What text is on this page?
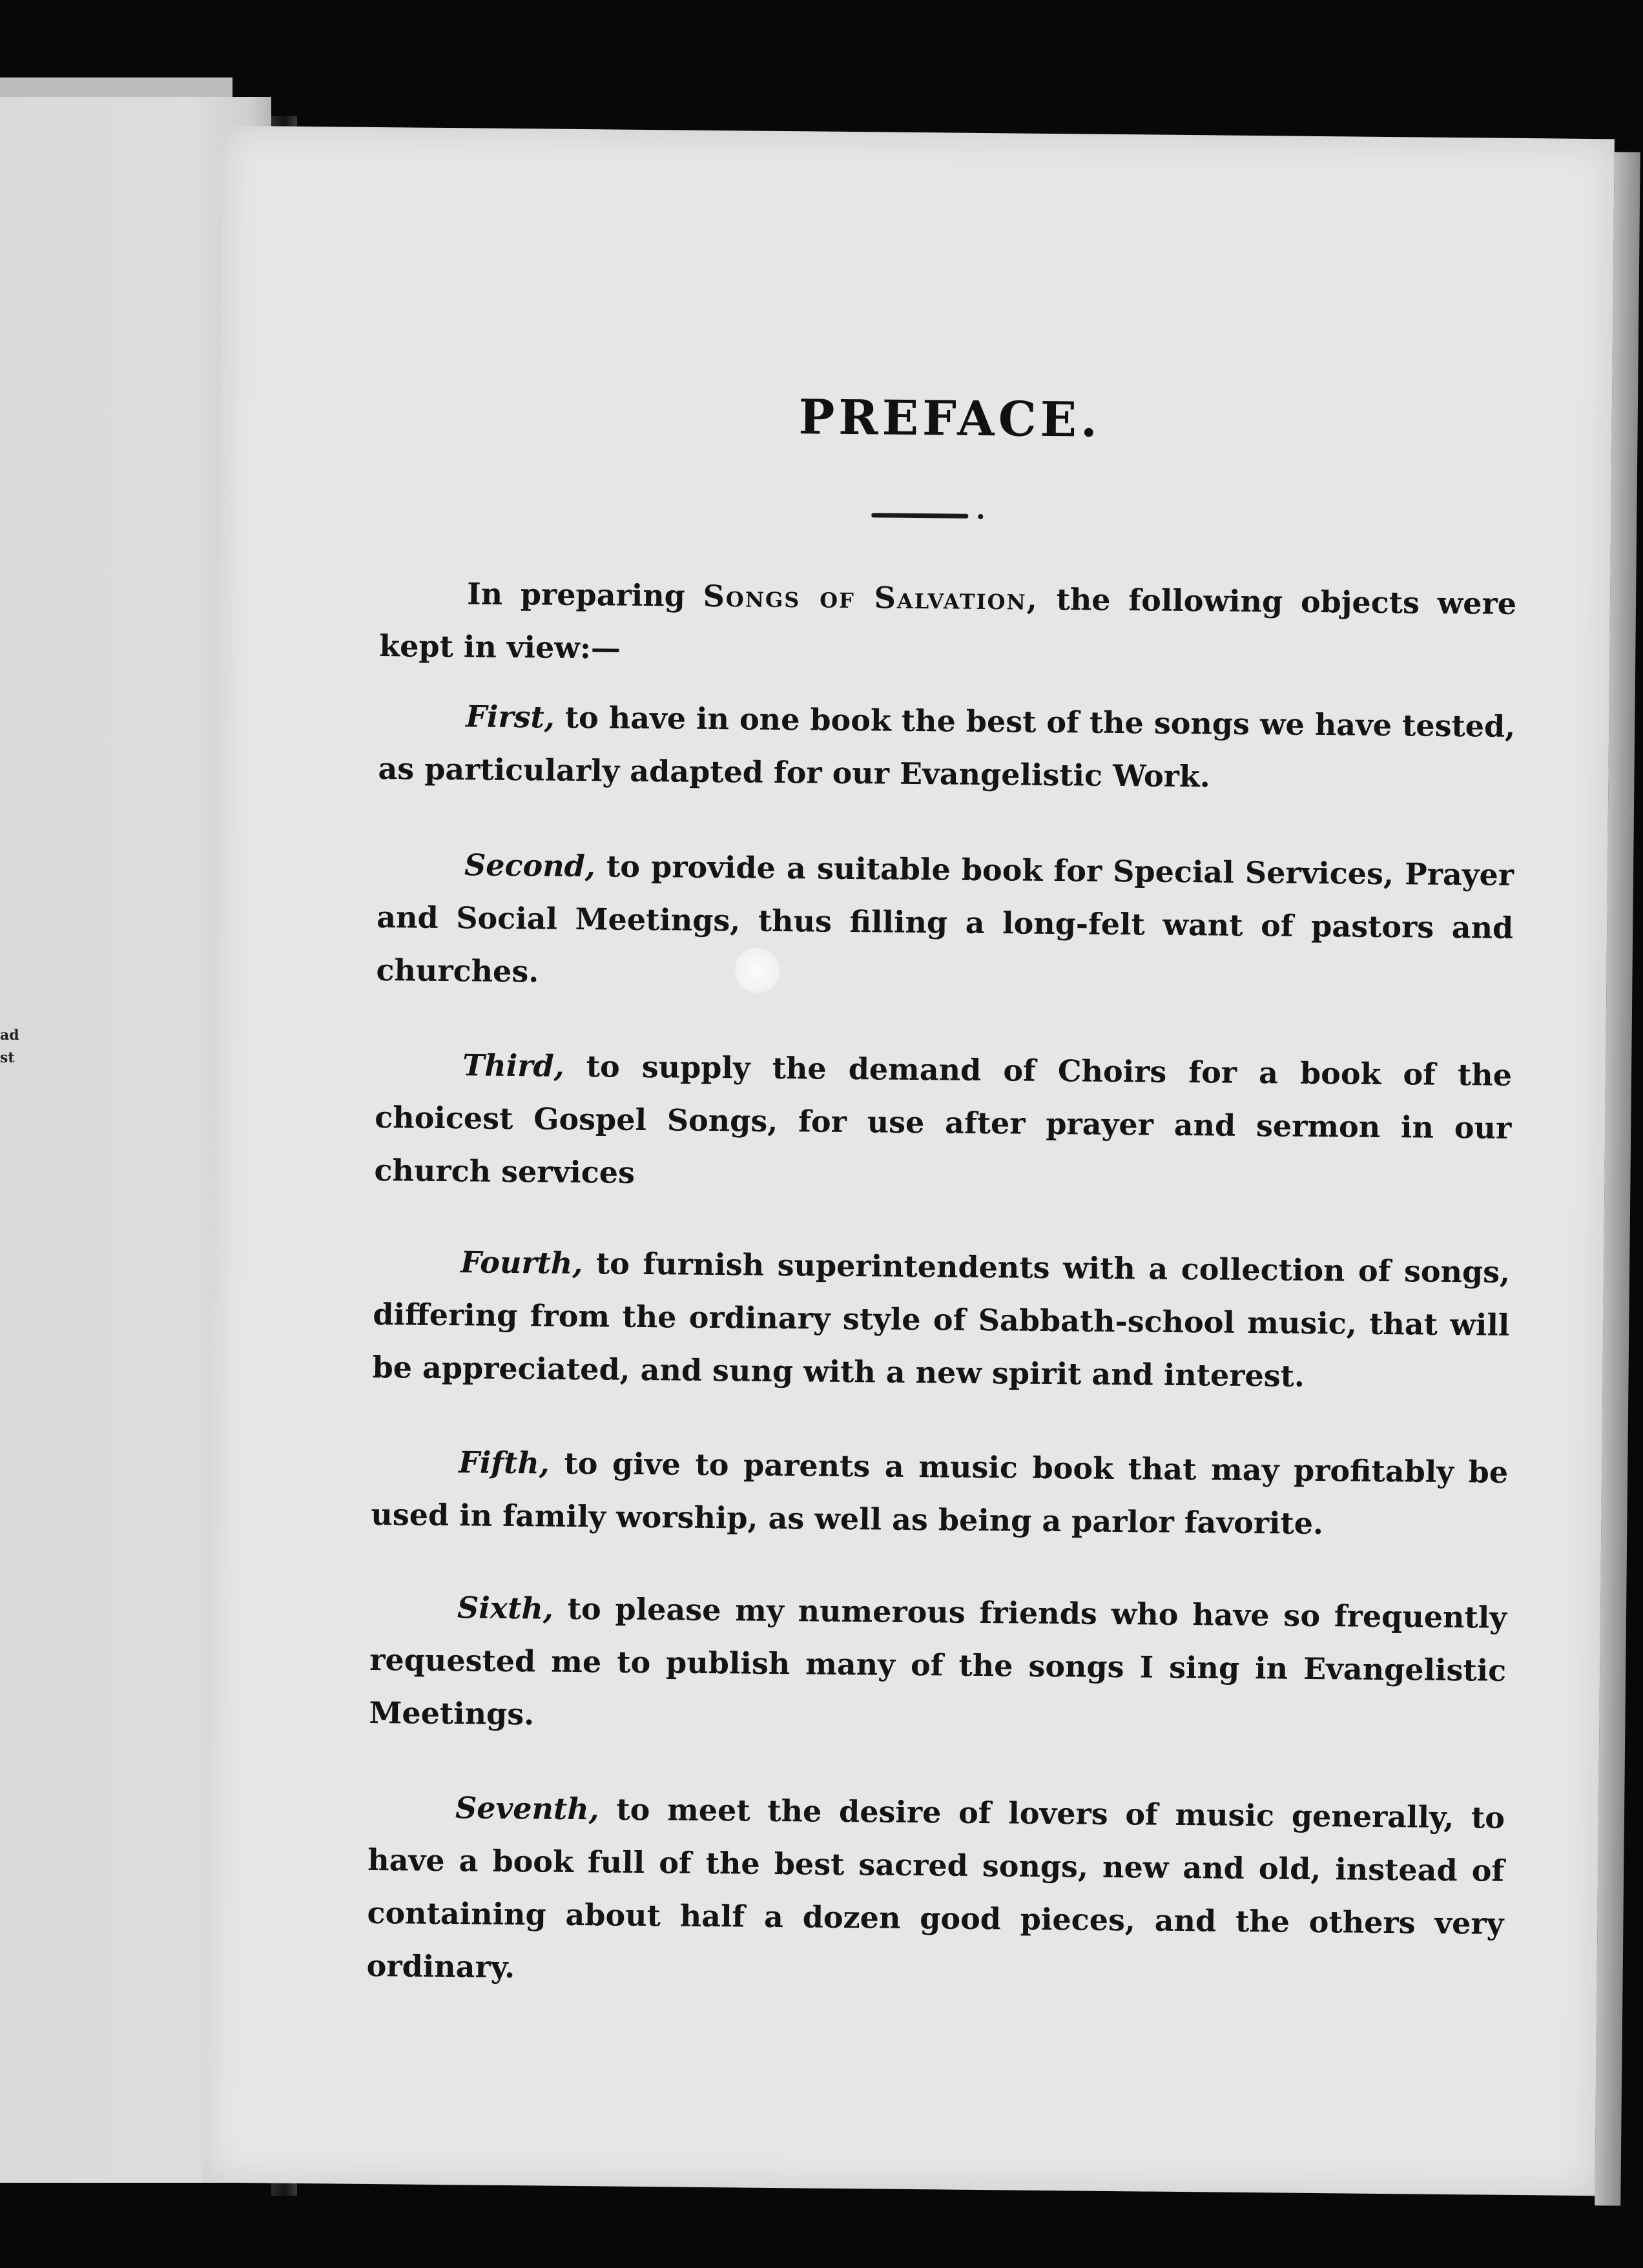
ad
st
PREFACE.
In preparing Songs of Salvation, the following objects were kept in view:—
First, to have in one book the best of the songs we have tested, as particularly adapted for our Evangelistic Work.
Second, to provide a suitable book for Special Services, Prayer and Social Meetings, thus filling a long-felt want of pastors and churches.
Third, to supply the demand of Choirs for a book of the choicest Gospel Songs, for use after prayer and sermon in our church services
Fourth, to furnish superintendents with a collection of songs, differing from the ordinary style of Sabbath-school music, that will be appreciated, and sung with a new spirit and interest.
Fifth, to give to parents a music book that may profitably be used in family worship, as well as being a parlor favorite.
Sixth, to please my numerous friends who have so frequently requested me to publish many of the songs I sing in Evangelistic Meetings.
Seventh, to meet the desire of lovers of music generally, to have a book full of the best sacred songs, new and old, instead of containing about half a dozen good pieces, and the others very ordinary.
